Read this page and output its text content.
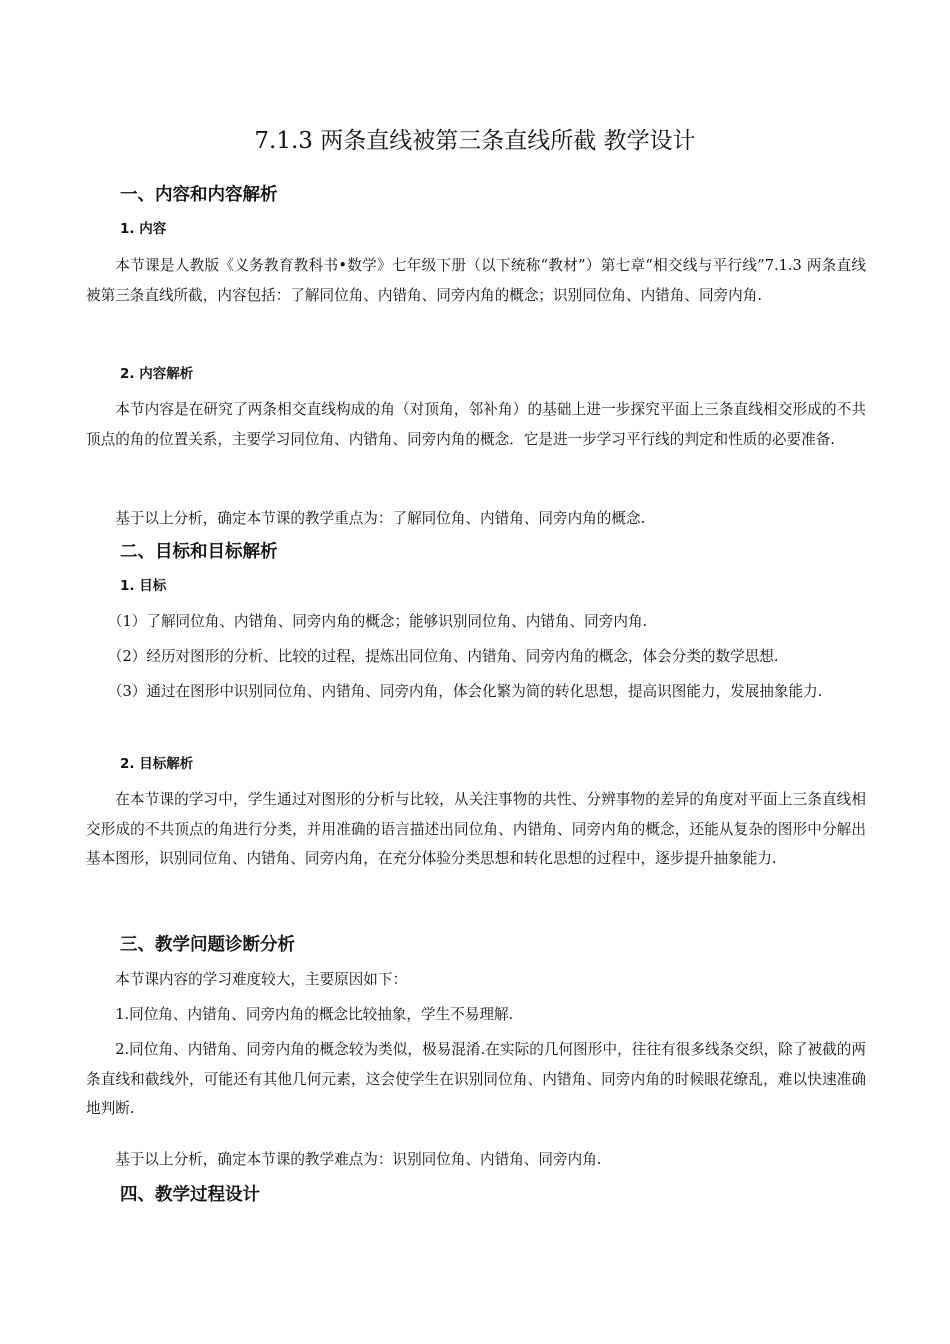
7.1.3 两条直线被第三条直线所截 教学设计
一、内容和内容解析
1. 内容

本节课是人教版《义务教育教科书•数学》七年级下册（以下统称“教材”）第七章“相交线与平行线”7.1.3 两条直线被第三条直线所截，内容包括：了解同位角、内错角、同旁内角的概念；识别同位角、内错角、同旁内角.

2. 内容解析

本节内容是在研究了两条相交直线构成的角（对顶角，邻补角）的基础上进一步探究平面上三条直线相交形成的不共顶点的角的位置关系，主要学习同位角、内错角、同旁内角的概念．它是进一步学习平行线的判定和性质的必要准备.

基于以上分析，确定本节课的教学重点为：了解同位角、内错角、同旁内角的概念.

二、目标和目标解析
1. 目标

（1）了解同位角、内错角、同旁内角的概念；能够识别同位角、内错角、同旁内角.

（2）经历对图形的分析、比较的过程，提炼出同位角、内错角、同旁内角的概念，体会分类的数学思想.

（3）通过在图形中识别同位角、内错角、同旁内角，体会化繁为简的转化思想，提高识图能力，发展抽象能力.

2. 目标解析

在本节课的学习中，学生通过对图形的分析与比较，从关注事物的共性、分辨事物的差异的角度对平面上三条直线相交形成的不共顶点的角进行分类，并用准确的语言描述出同位角、内错角、同旁内角的概念，还能从复杂的图形中分解出基本图形，识别同位角、内错角、同旁内角，在充分体验分类思想和转化思想的过程中，逐步提升抽象能力.

三、教学问题诊断分析

本节课内容的学习难度较大，主要原因如下：

1.同位角、内错角、同旁内角的概念比较抽象，学生不易理解.

2.同位角、内错角、同旁内角的概念较为类似，极易混淆.在实际的几何图形中，往往有很多线条交织，除了被截的两条直线和截线外，可能还有其他几何元素，这会使学生在识别同位角、内错角、同旁内角的时候眼花缭乱，难以快速准确地判断.

基于以上分析，确定本节课的教学难点为：识别同位角、内错角、同旁内角.

四、教学过程设计
